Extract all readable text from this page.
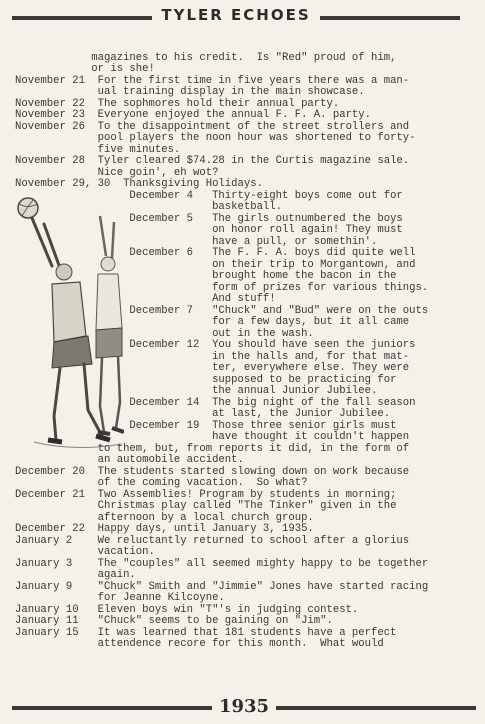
TYLER ECHOES
magazines to his credit.  Is "Red" proud of him,
or is she!
November 21  For the first time in five years there was a man-
ual training display in the main showcase.
November 22  The sophmores hold their annual party.
November 23  Everyone enjoyed the annual F. F. A. party.
November 26  To the disappointment of the street strollers and
pool players the noon hour was shortened to forty-
five minutes.
November 28  Tyler cleared $74.28 in the Curtis magazine sale.
Nice goin', eh wot?
November 29, 30  Thanksgiving Holidays.
December 4   Thirty-eight boys come out for
basketball.
December 5   The girls outnumbered the boys
on honor roll again! They must
have a pull, or somethin'.
December 6   The F. F. A. boys did quite well
on their trip to Morgantown, and
brought home the bacon in the
form of prizes for various things.
And stuff!
December 7   "Chuck" and "Bud" were on the outs
for a few days, but it all came
out in the wash.
December 12  You should have seen the juniors
in the halls and, for that mat-
ter, everywhere else. They were
supposed to be practicing for
the annual Junior Jubilee.
December 14  The big night of the fall season
at last, the Junior Jubilee.
December 19  Those three senior girls must
have thought it couldn't happen
to them, but, from reports it did, in the form of
an automobile accident.
December 20  The students started slowing down on work because
of the coming vacation.  So what?
December 21  Two Assemblies! Program by students in morning;
Christmas play called "The Tinker" given in the
afternoon by a local church group.
December 22  Happy days, until January 3, 1935.
January 2    We reluctantly returned to school after a glorius
vacation.
January 3    The "couples" all seemed mighty happy to be together
again.
January 9    "Chuck" Smith and "Jimmie" Jones have started racing
for Jeanne Kilcoyne.
January 10   Eleven boys win "T"'s in judging contest.
January 11   "Chuck" seems to be gaining on "Jim".
January 15   It was learned that 181 students have a perfect
attendence recore for this month.  What would
1935
